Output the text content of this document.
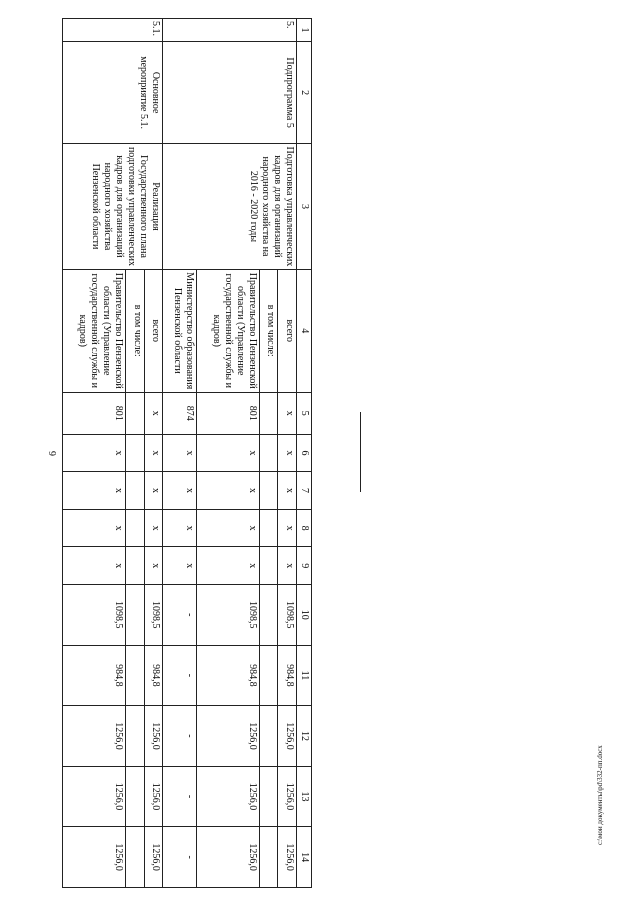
6
c:\мои документы\pd\332-пп.docx
1	2	3	4	5	6	7	8	9	10	11	12	13	14
5.	Подпрограмма 5	Подготовка управленческих кадров для организаций народного хозяйства на 2016 - 2020 годы	всего	х	х	х	х	х	1098,5	984,8	1256,0	1256,0	1256,0
			в том числе:										
			Правительство Пензенской области (Управление государственной службы и кадров)	801	х	х	х	х	1098,5	984,8	1256,0	1256,0	1256,0
			Министерство образования Пензенской области	874	х	х	х	х	-	-	-	-	-
5.1.	Основное мероприятие 5.1.	Реализация Государственного плана подготовки управленческих кадров для организаций народного хозяйства Пензенской области	всего	х	х	х	х	х	1098,5	984,8	1256,0	1256,0	1256,0
			в том числе:										
			Правительство Пензенской области (Управление государственной службы и кадров)	801	х	х	х	х	1098,5	984,8	1256,0	1256,0	1256,0
